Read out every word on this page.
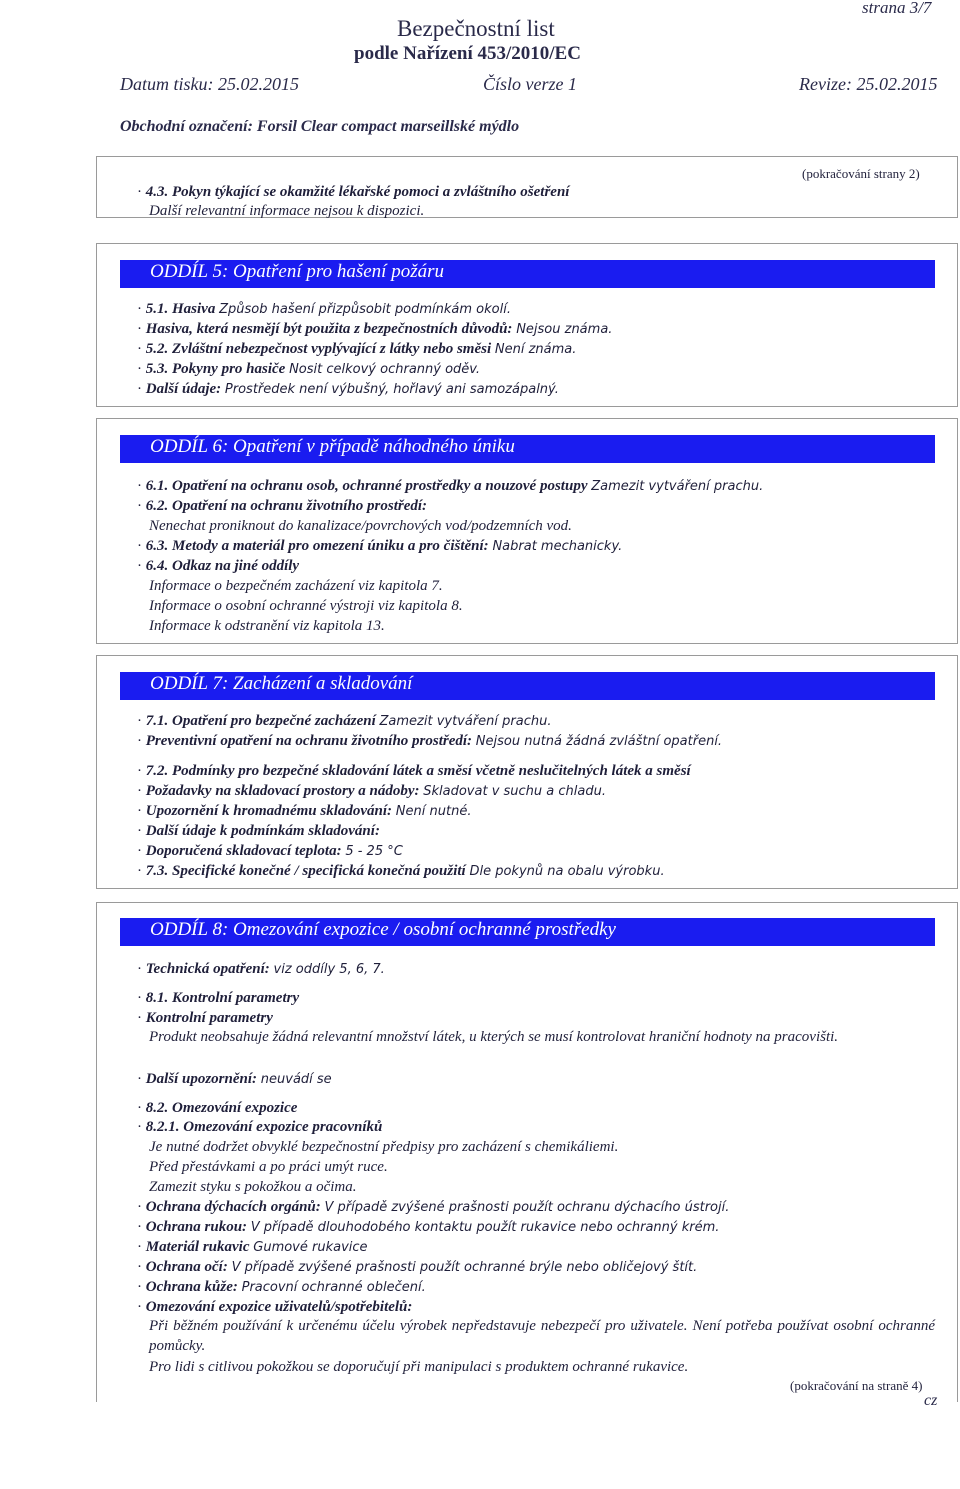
strana 3/7
Bezpečnostní list
podle Nařízení 453/2010/EC
Datum tisku: 25.02.2015	Číslo verze 1	Revize: 25.02.2015
Obchodní označení: Forsil Clear compact marseillské mýdlo
(pokračování strany 2)
· 4.3. Pokyn týkající se okamžité lékařské pomoci a zvláštního ošetření
Další relevantní informace nejsou k dispozici.
ODDÍL 5: Opatření pro hašení požáru
· 5.1. Hasiva Způsob hašení přizpůsobit podmínkám okolí.
· Hasiva, která nesmějí být použita z bezpečnostních důvodů: Nejsou známa.
· 5.2. Zvláštní nebezpečnost vyplývající z látky nebo směsi Není známa.
· 5.3. Pokyny pro hasiče Nosit celkový ochranný oděv.
· Další údaje: Prostředek není výbušný, hořlavý ani samozápalný.
ODDÍL 6: Opatření v případě náhodného úniku
· 6.1. Opatření na ochranu osob, ochranné prostředky a nouzové postupy Zamezit vytváření prachu.
· 6.2. Opatření na ochranu životního prostředí:
Nenechat proniknout do kanalizace/povrchových vod/podzemních vod.
· 6.3. Metody a materiál pro omezení úniku a pro čištění: Nabrat mechanicky.
· 6.4. Odkaz na jiné oddíly
Informace o bezpečném zacházení viz kapitola 7.
Informace o osobní ochranné výstroji viz kapitola 8.
Informace k odstranění viz kapitola 13.
ODDÍL 7: Zacházení a skladování
· 7.1. Opatření pro bezpečné zacházení Zamezit vytváření prachu.
· Preventivní opatření na ochranu životního prostředí: Nejsou nutná žádná zvláštní opatření.
· 7.2. Podmínky pro bezpečné skladování látek a směsí včetně neslučitelných látek a směsí
· Požadavky na skladovací prostory a nádoby: Skladovat v suchu a chladu.
· Upozornění k hromadnému skladování: Není nutné.
· Další údaje k podmínkám skladování:
· Doporučená skladovací teplota: 5 - 25 °C
· 7.3. Specifické konečné / specifická konečná použití Dle pokynů na obalu výrobku.
ODDÍL 8: Omezování expozice / osobní ochranné prostředky
· Technická opatření: viz oddíly 5, 6, 7.
· 8.1. Kontrolní parametry
· Kontrolní parametry
Produkt neobsahuje žádná relevantní množství látek, u kterých se musí kontrolovat hraniční hodnoty na pracovišti.
· Další upozornění: neuvádí se
· 8.2. Omezování expozice
· 8.2.1. Omezování expozice pracovníků
Je nutné dodržet obvyklé bezpečnostní předpisy pro zacházení s chemikáliemi.
Před přestávkami a po práci umýt ruce.
Zamezit styku s pokožkou a očima.
· Ochrana dýchacích orgánů: V případě zvýšené prašnosti použít ochranu dýchacího ústrojí.
· Ochrana rukou: V případě dlouhodobého kontaktu použít rukavice nebo ochranný krém.
· Materiál rukavic Gumové rukavice
· Ochrana očí: V případě zvýšené prašnosti použít ochranné brýle nebo obličejový štít.
· Ochrana kůže: Pracovní ochranné oblečení.
· Omezování expozice uživatelů/spotřebitelů:
Při běžném používání k určenému účelu výrobek nepředstavuje nebezpečí pro uživatele. Není potřeba používat osobní ochranné pomůcky.
Pro lidi s citlivou pokožkou se doporučují při manipulaci s produktem ochranné rukavice.
(pokračování na straně 4)
cz
